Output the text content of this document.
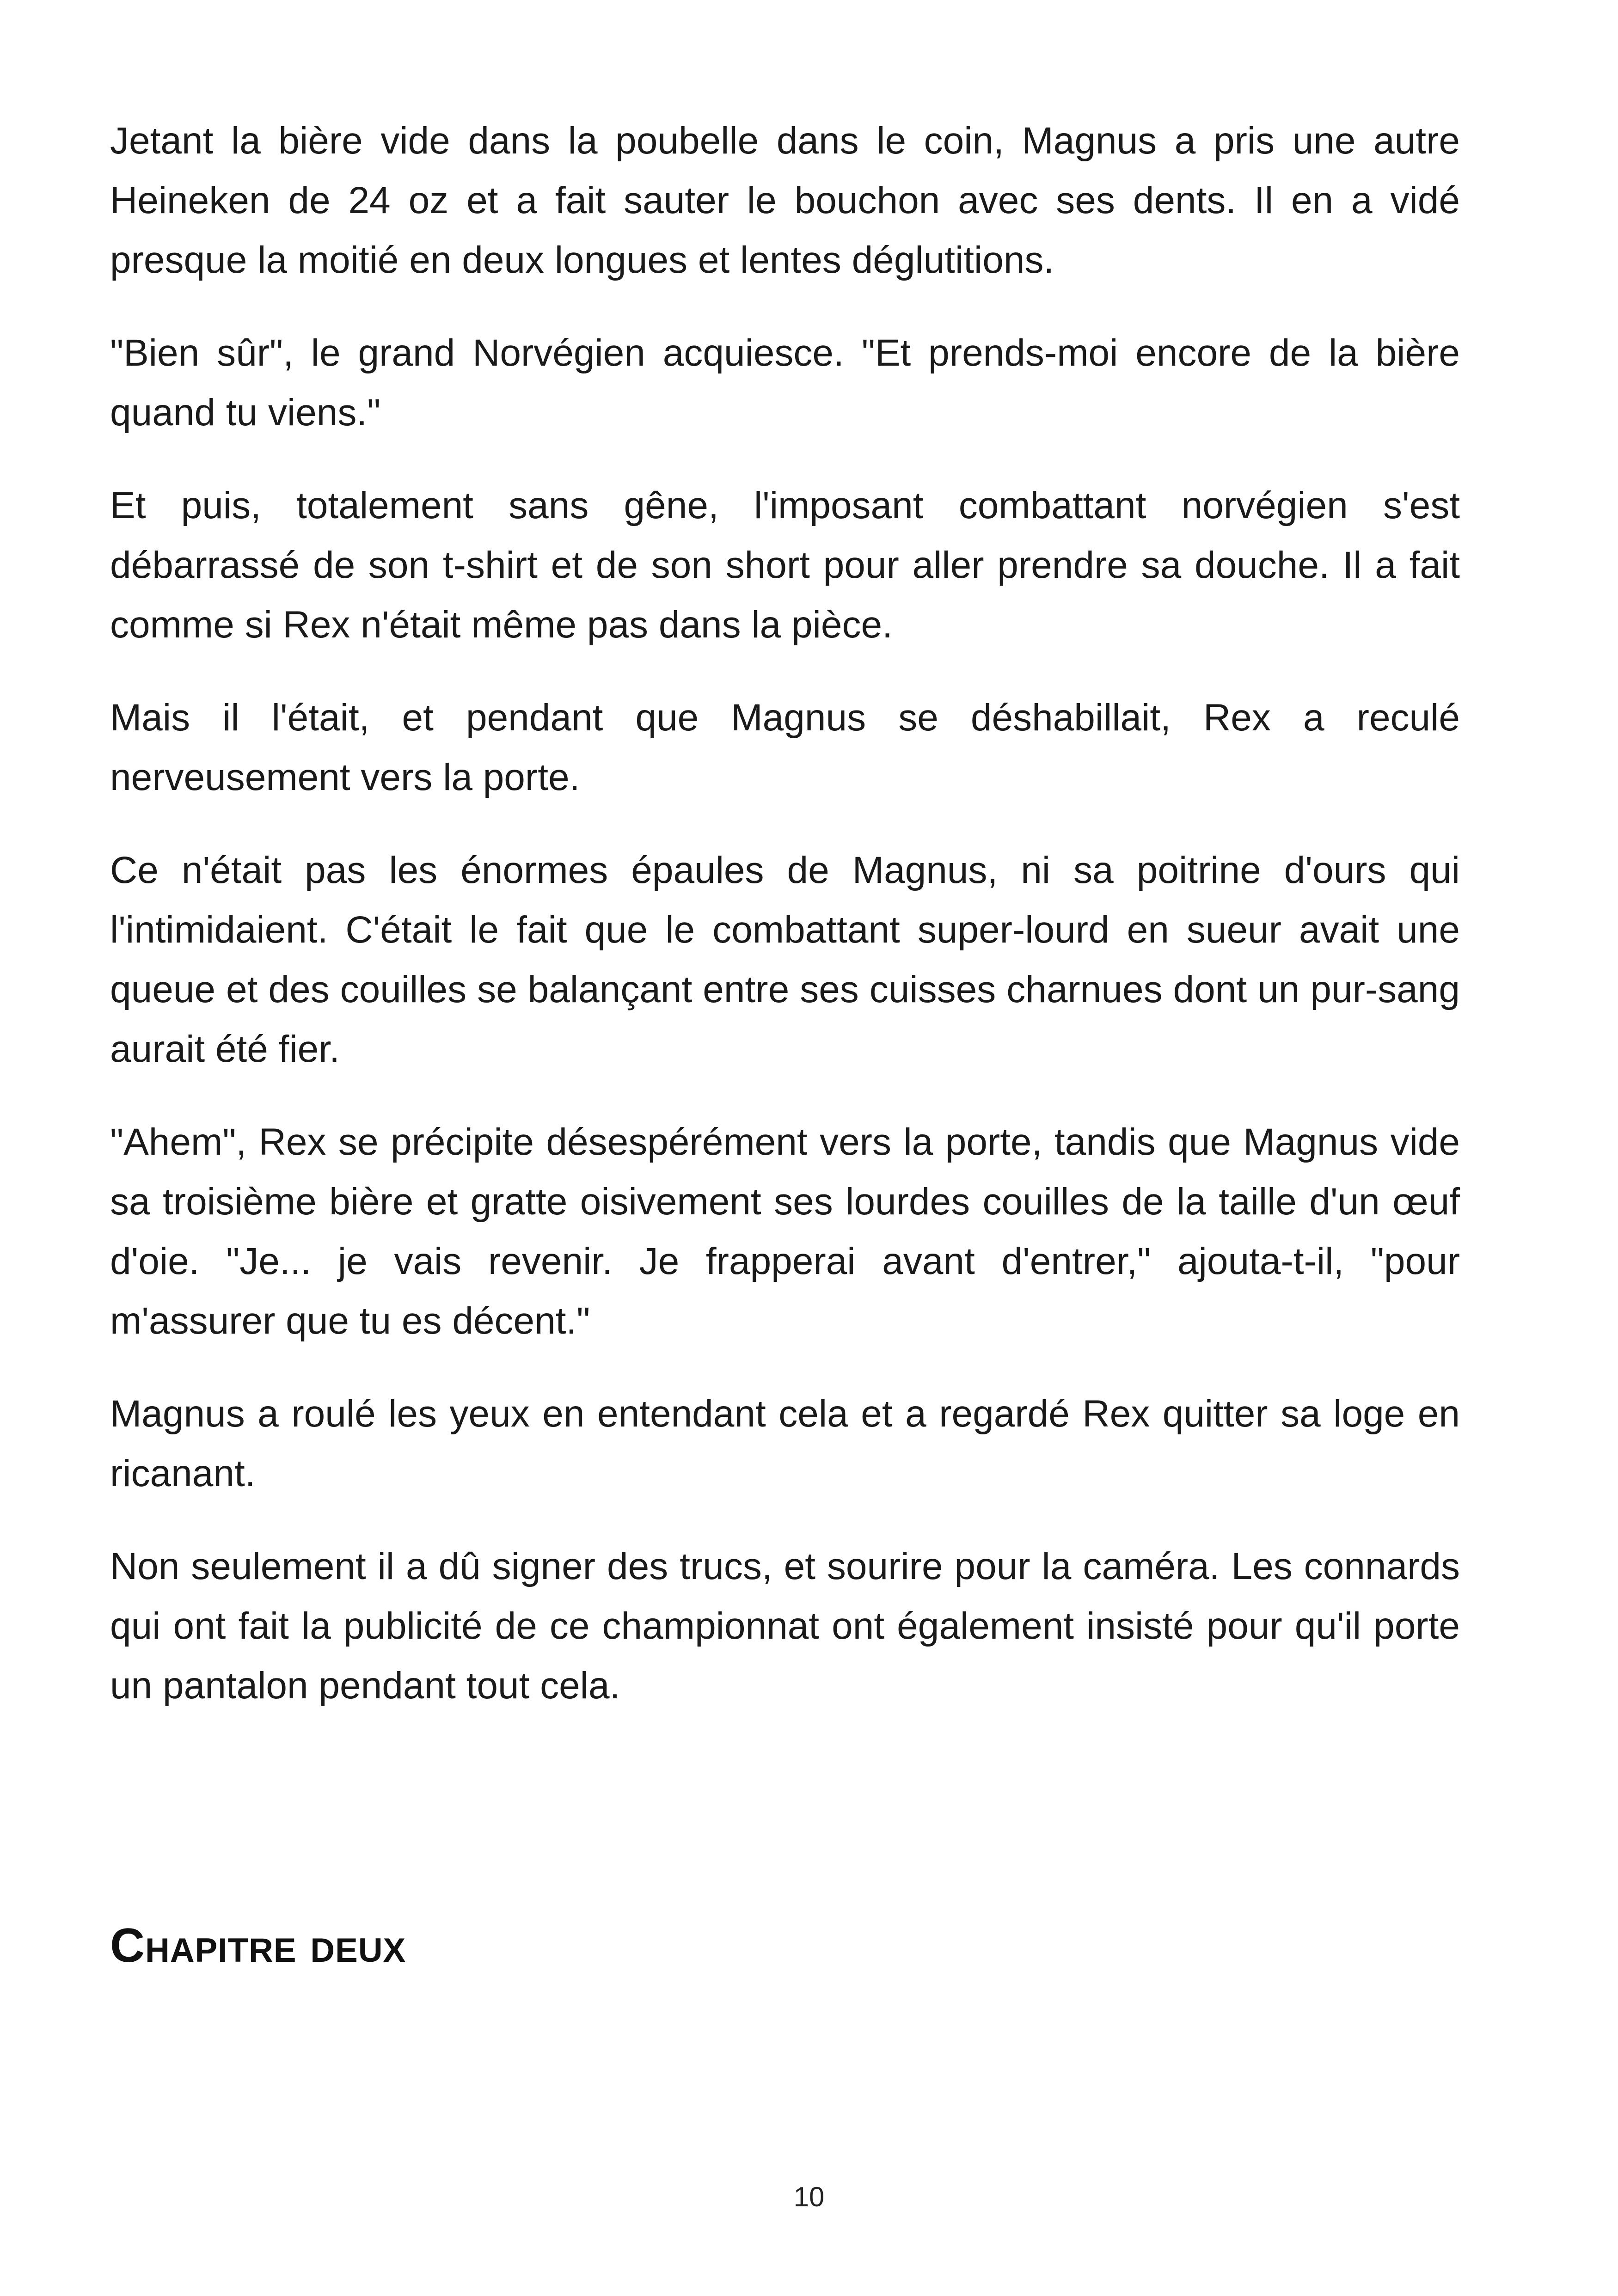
Jetant la bière vide dans la poubelle dans le coin, Magnus a pris une autre Heineken de 24 oz et a fait sauter le bouchon avec ses dents. Il en a vidé presque la moitié en deux longues et lentes déglutitions.

"Bien sûr", le grand Norvégien acquiesce. "Et prends-moi encore de la bière quand tu viens."

Et puis, totalement sans gêne, l'imposant combattant norvégien s'est débarrassé de son t-shirt et de son short pour aller prendre sa douche. Il a fait comme si Rex n'était même pas dans la pièce.

Mais il l'était, et pendant que Magnus se déshabillait, Rex a reculé nerveusement vers la porte.

Ce n'était pas les énormes épaules de Magnus, ni sa poitrine d'ours qui l'intimidaient. C'était le fait que le combattant super-lourd en sueur avait une queue et des couilles se balançant entre ses cuisses charnues dont un pur-sang aurait été fier.

"Ahem", Rex se précipite désespérément vers la porte, tandis que Magnus vide sa troisième bière et gratte oisivement ses lourdes couilles de la taille d'un œuf d'oie. "Je... je vais revenir. Je frapperai avant d'entrer," ajouta-t-il, "pour m'assurer que tu es décent."

Magnus a roulé les yeux en entendant cela et a regardé Rex quitter sa loge en ricanant.

Non seulement il a dû signer des trucs, et sourire pour la caméra. Les connards qui ont fait la publicité de ce championnat ont également insisté pour qu'il porte un pantalon pendant tout cela.

Chapitre deux
10
